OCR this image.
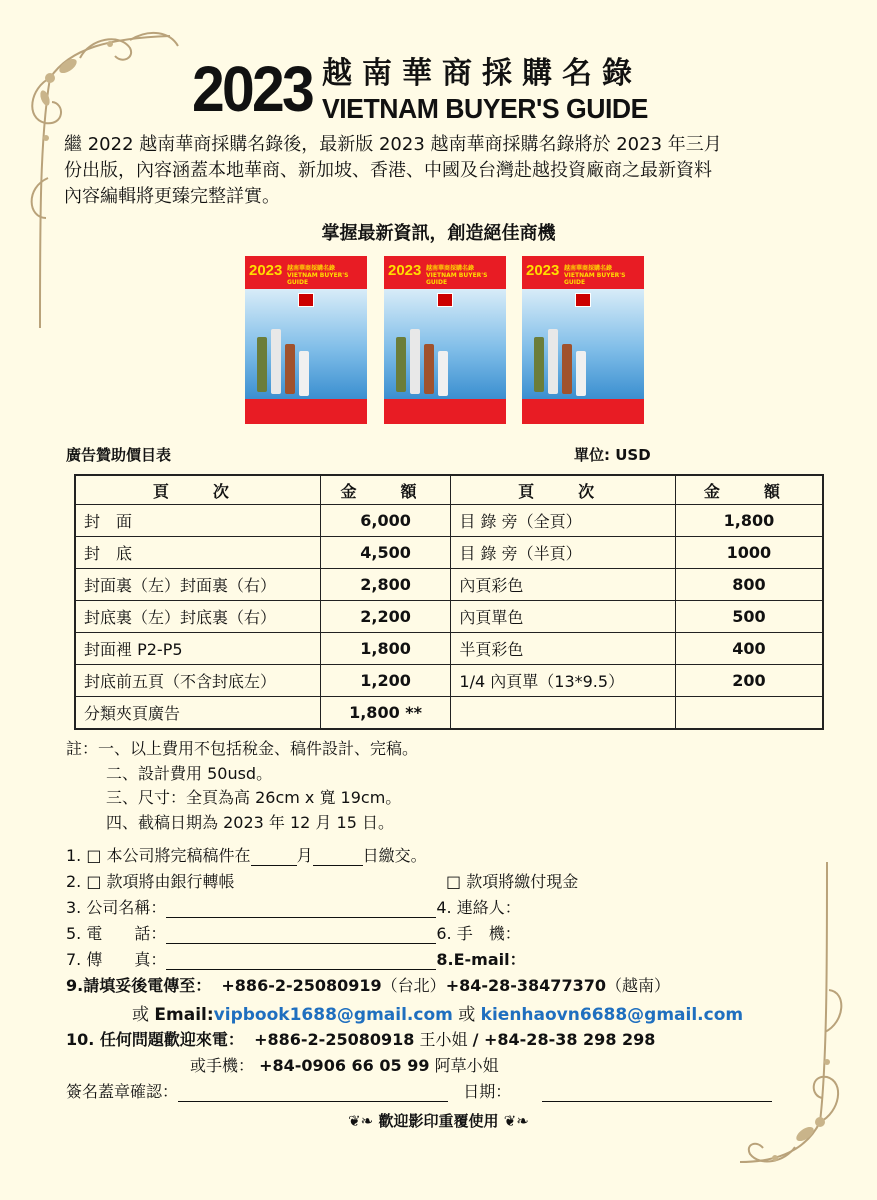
2023 越南華商採購名錄
VIETNAM BUYER'S GUIDE
繼 2022 越南華商採購名錄後，最新版 2023 越南華商採購名錄將於 2023 年三月
份出版，內容涵蓋本地華商、新加坡、香港、中國及台灣赴越投資廠商之最新資料
內容編輯將更臻完整詳實。
掌握最新資訊，創造絕佳商機
2023 越南華商採購名錄
VIETNAM BUYER'S GUIDE
2023 越南華商採購名錄
VIETNAM BUYER'S GUIDE
2023 越南華商採購名錄
VIETNAM BUYER'S GUIDE
廣告贊助價目表	單位: USD
頁　次	金　額	頁　次	金　額
封　面	6,000	目 錄 旁（全頁）	1,800
封　底	4,500	目 錄 旁（半頁）	1000
封面裏（左）封面裏（右）	2,800	內頁彩色	800
封底裏（左）封底裏（右）	2,200	內頁單色	500
封面裡 P2-P5	1,800	半頁彩色	400
封底前五頁（不含封底左）	1,200	1/4 內頁單（13*9.5）	200
分類夾頁廣告	1,800 **		
註：一、以上費用不包括稅金、稿件設計、完稿。
二、設計費用 50usd。
三、尺寸：全頁為高 26cm x 寬 19cm。
四、截稿日期為 2023 年 12 月 15 日。
1. □ 本公司將完稿稿件在	月	日繳交。
2. □ 款項將由銀行轉帳	□ 款項將繳付現金
3. 公司名稱：	4. 連絡人：
5. 電　　話：	6. 手　機：
7. 傳　　真：	8.E-mail：
9.請填妥後電傳至： +886-2-25080919（台北）+84-28-38477370（越南）
或 Email:vipbook1688@gmail.com 或 kienhaovn6688@gmail.com
10. 任何問題歡迎來電： +886-2-25080918 王小姐 / +84-28-38 298 298
或手機： +84-0906 66 05 99 阿草小姐
簽名蓋章確認：	日期：
❦❧ 歡迎影印重覆使用 ❦❧
